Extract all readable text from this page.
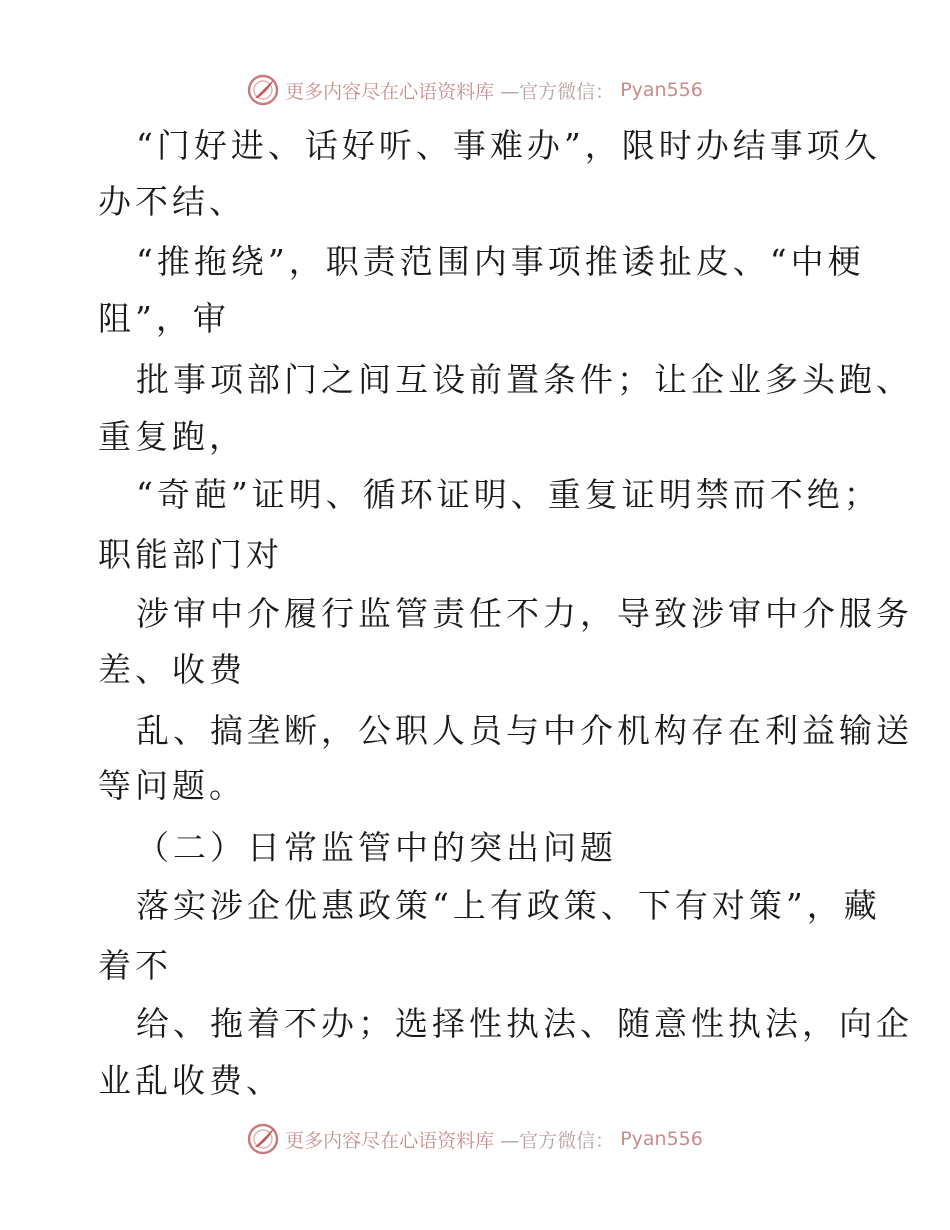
更多内容尽在心语资料库 —官方微信： Pyan556
“门好进、话好听、事难办”，限时办结事项久
办不结、
“推拖绕”，职责范围内事项推诿扯皮、“中梗
阻”，审
批事项部门之间互设前置条件；让企业多头跑、
重复跑，
“奇葩”证明、循环证明、重复证明禁而不绝；
职能部门对
涉审中介履行监管责任不力，导致涉审中介服务
差、收费
乱、搞垄断，公职人员与中介机构存在利益输送
等问题。
（二）日常监管中的突出问题
落实涉企优惠政策“上有政策、下有对策”，藏
着不
给、拖着不办；选择性执法、随意性执法，向企
业乱收费、
更多内容尽在心语资料库 —官方微信： Pyan556
